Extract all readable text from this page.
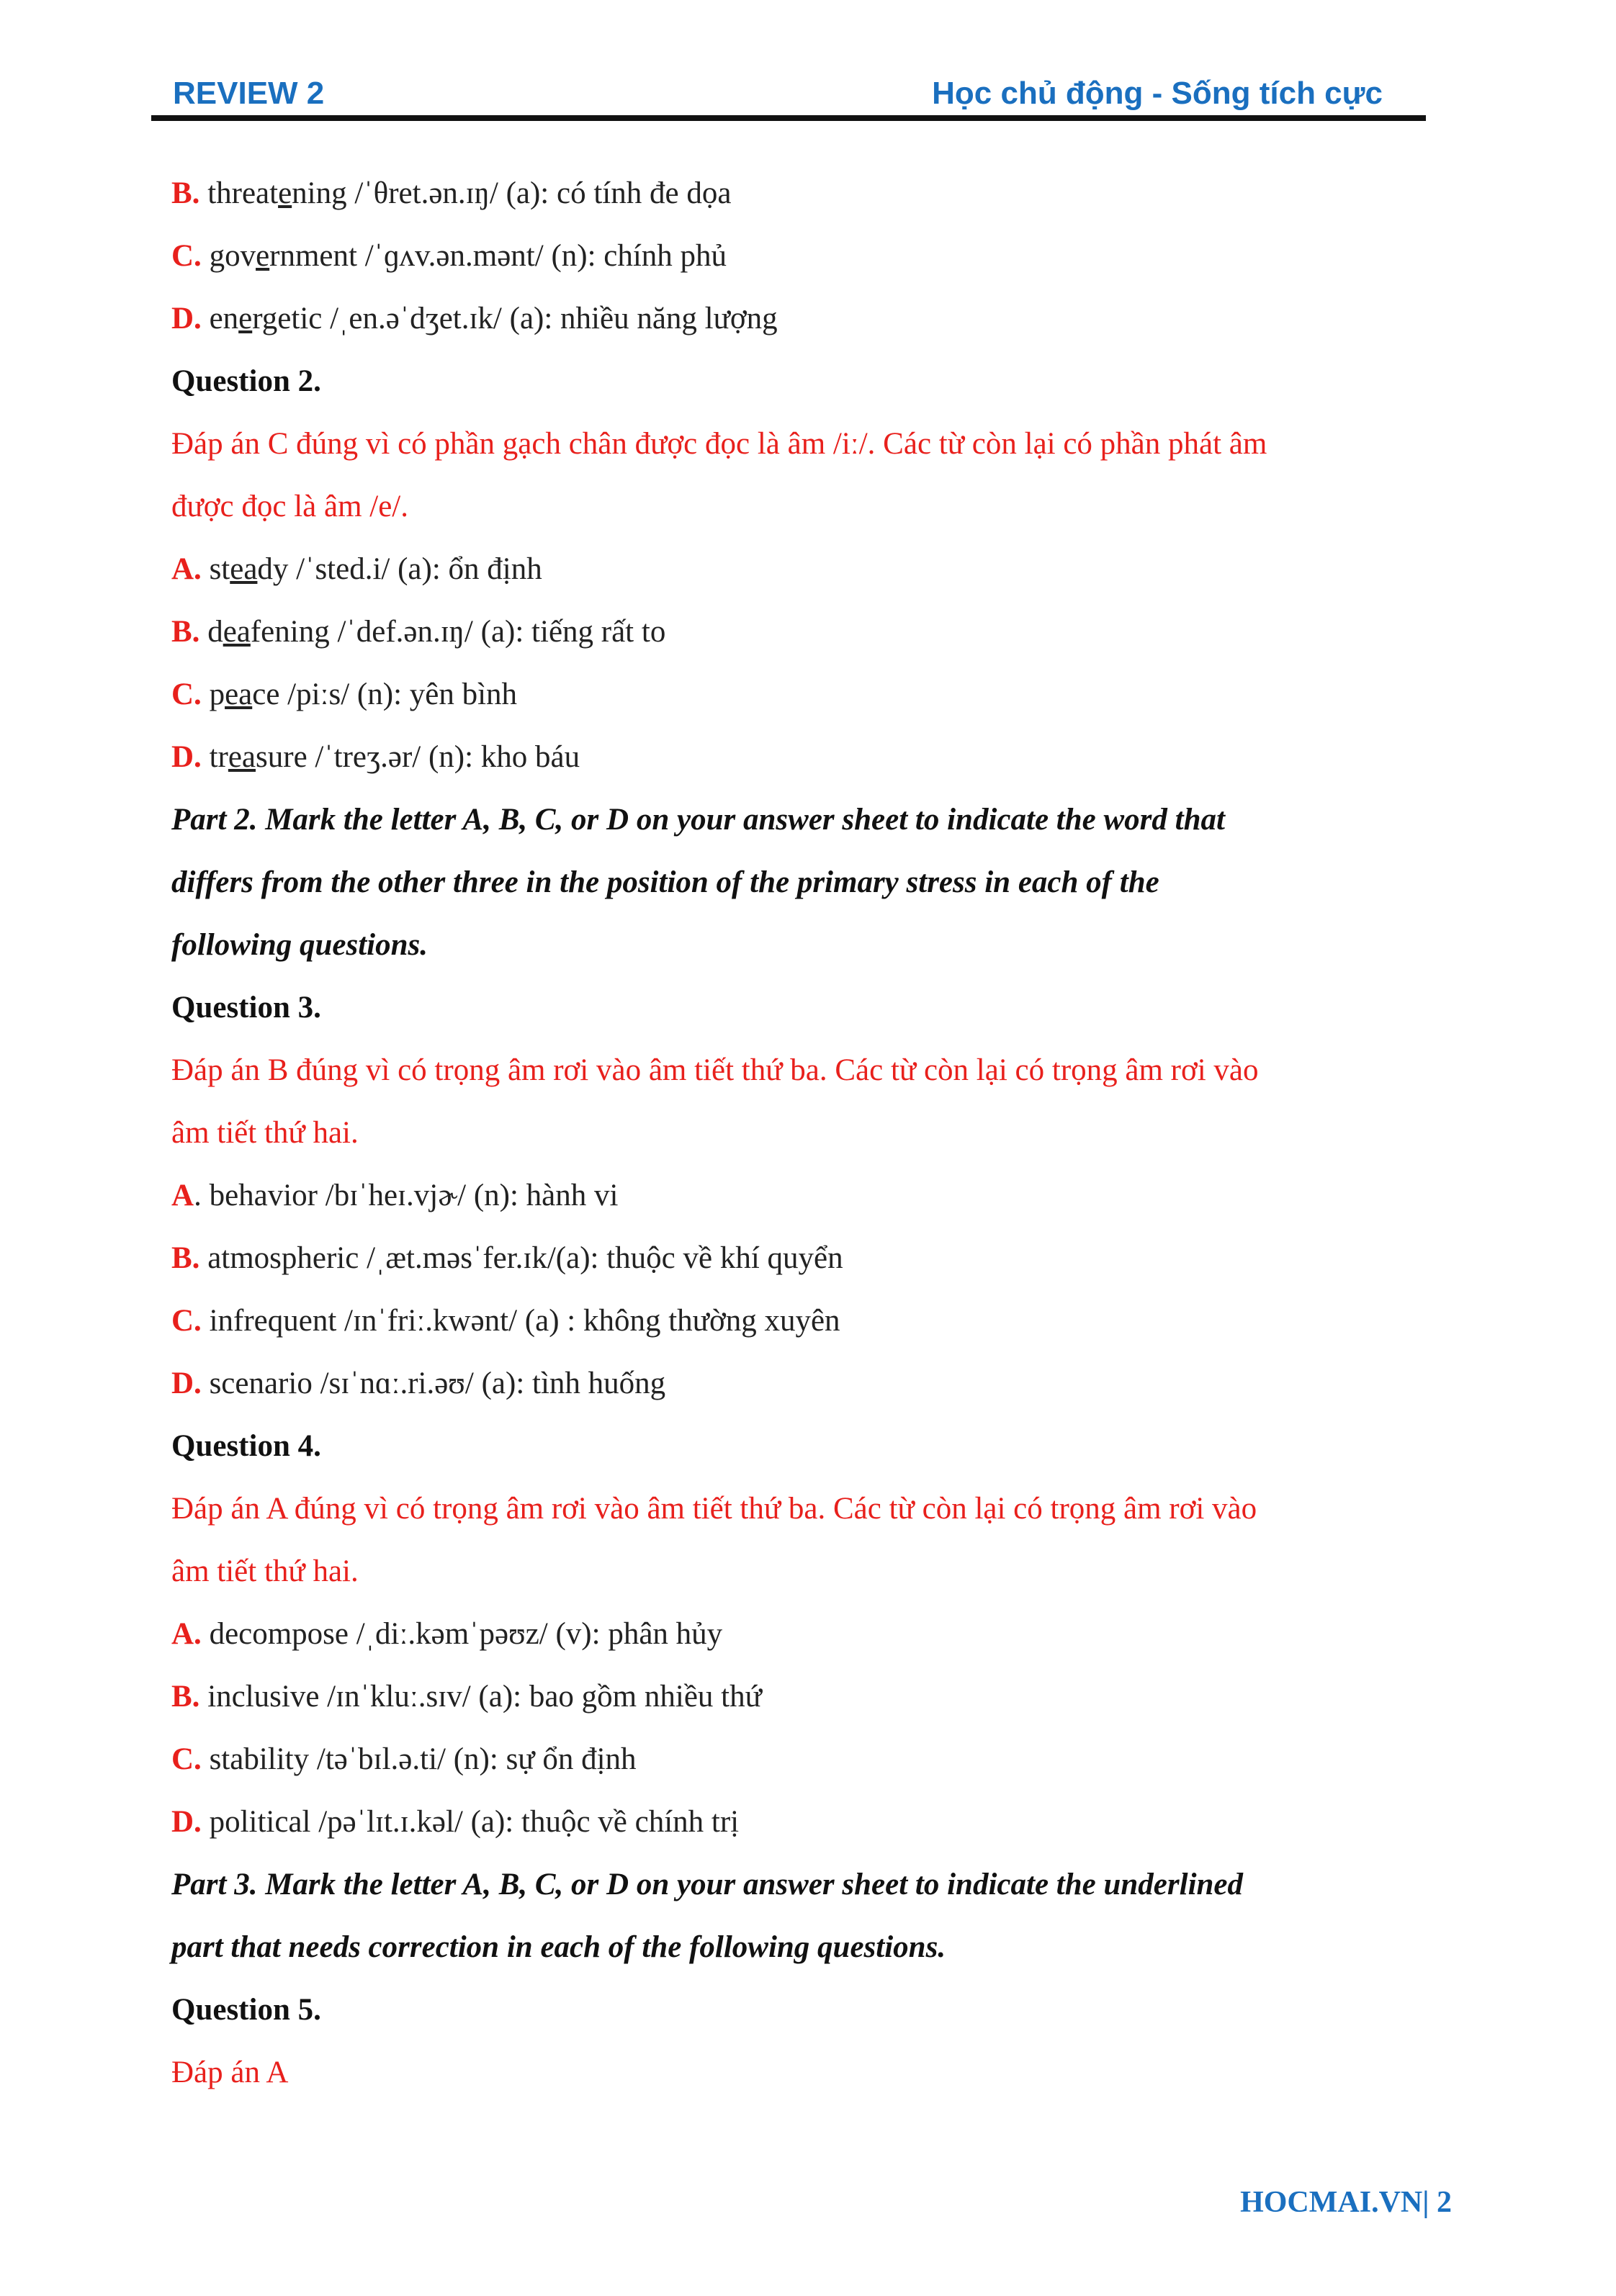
REVIEW 2	Học chủ động - Sống tích cực
B. threatening /ˈθret.ən.ɪŋ/ (a): có tính đe dọa
C. government /ˈɡʌv.ən.mənt/ (n): chính phủ
D. energetic /ˌen.əˈdʒet.ɪk/ (a): nhiều năng lượng
Question 2.
Đáp án C đúng vì có phần gạch chân được đọc là âm /iː/. Các từ còn lại có phần phát âm
được đọc là âm /e/.
A. steady /ˈsted.i/ (a): ổn định
B. deafening /ˈdef.ən.ɪŋ/ (a): tiếng rất to
C. peace /piːs/ (n): yên bình
D. treasure /ˈtreʒ.ər/ (n): kho báu
Part 2. Mark the letter A, B, C, or D on your answer sheet to indicate the word that
differs from the other three in the position of the primary stress in each of the
following questions.
Question 3.
Đáp án B đúng vì có trọng âm rơi vào âm tiết thứ ba. Các từ còn lại có trọng âm rơi vào
âm tiết thứ hai.
A. behavior /bɪˈheɪ.vjɚ/ (n): hành vi
B. atmospheric /ˌæt.məsˈfer.ɪk/(a): thuộc về khí quyển
C. infrequent /ɪnˈfriː.kwənt/ (a) : không thường xuyên
D. scenario /sɪˈnɑː.ri.əʊ/ (a): tình huống
Question 4.
Đáp án A đúng vì có trọng âm rơi vào âm tiết thứ ba. Các từ còn lại có trọng âm rơi vào
âm tiết thứ hai.
A. decompose /ˌdiː.kəmˈpəʊz/ (v): phân hủy
B. inclusive /ɪnˈkluː.sɪv/ (a): bao gồm nhiều thứ
C. stability /təˈbɪl.ə.ti/ (n): sự ổn định
D. political /pəˈlɪt.ɪ.kəl/ (a): thuộc về chính trị
Part 3. Mark the letter A, B, C, or D on your answer sheet to indicate the underlined
part that needs correction in each of the following questions.
Question 5.
Đáp án A
HOCMAI.VN| 2
